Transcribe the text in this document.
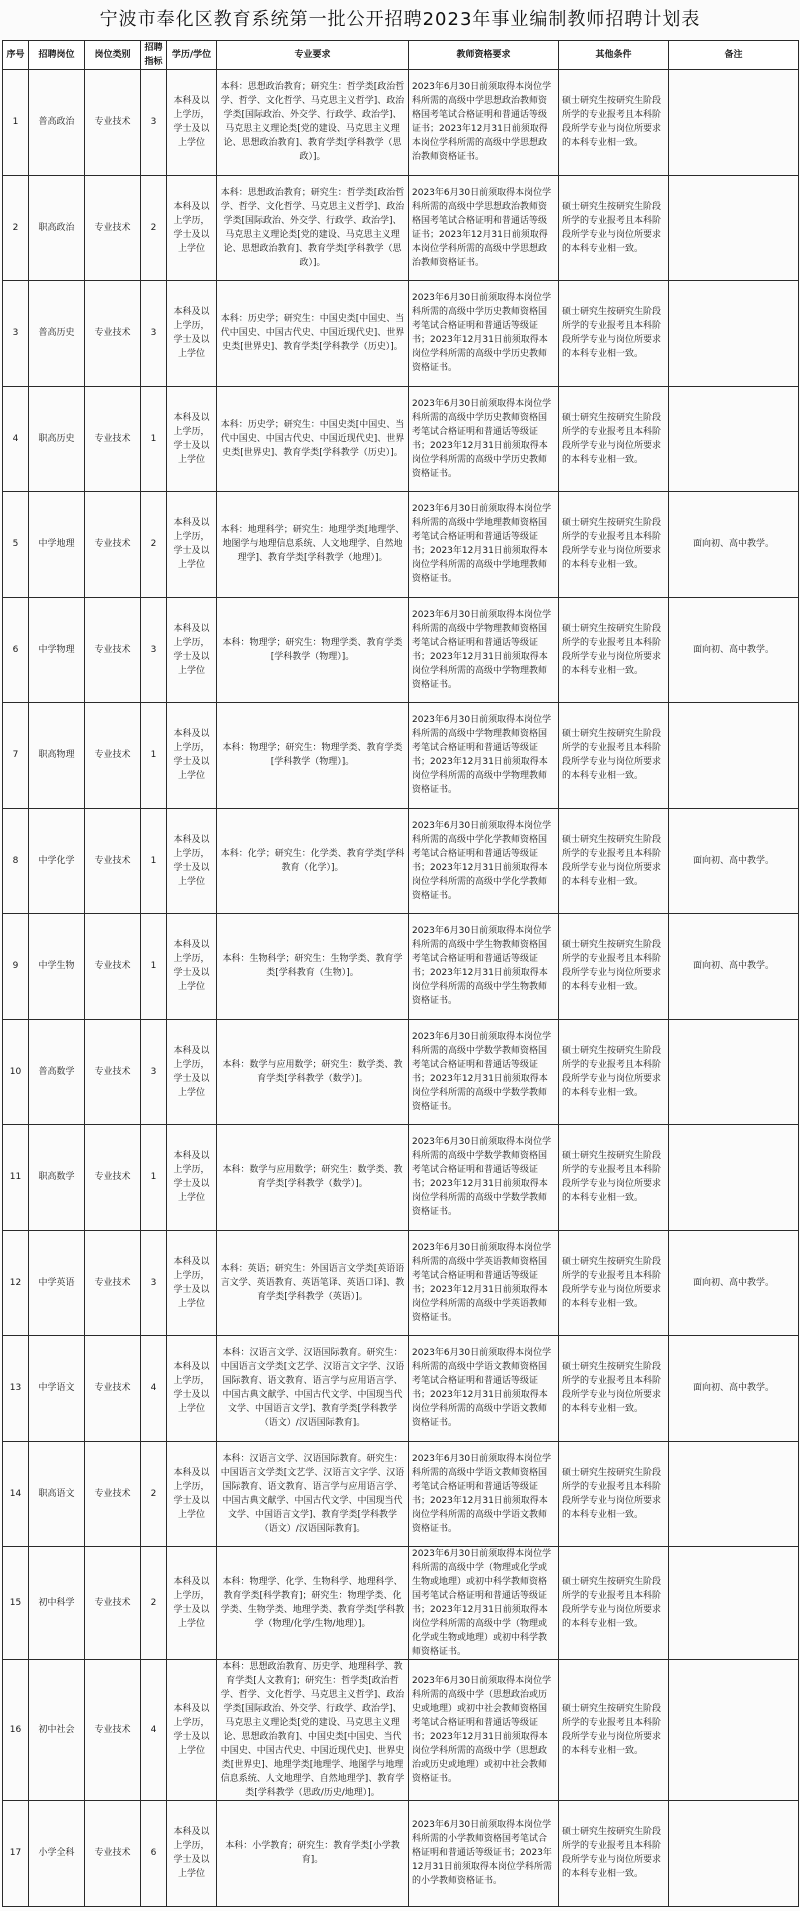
宁波市奉化区教育系统第一批公开招聘2023年事业编制教师招聘计划表
序号	招聘岗位	岗位类别	招聘指标	学历/学位	专业要求	教师资格要求	其他条件	备注
1	普高政治	专业技术	3	本科及以上学历，学士及以上学位	本科：思想政治教育；研究生：哲学类[政治哲学、哲学、文化哲学、马克思主义哲学]、政治学类[国际政治、外交学、行政学、政治学]、马克思主义理论类[党的建设、马克思主义理论、思想政治教育]、教育学类[学科教学（思政）]。	2023年6月30日前须取得本岗位学科所需的高级中学思想政治教师资格国考笔试合格证明和普通话等级证书；2023年12月31日前须取得本岗位学科所需的高级中学思想政治教师资格证书。	硕士研究生按研究生阶段所学的专业报考且本科阶段所学专业与岗位所要求的本科专业相一致。	
2	职高政治	专业技术	2	本科及以上学历，学士及以上学位	本科：思想政治教育；研究生：哲学类[政治哲学、哲学、文化哲学、马克思主义哲学]、政治学类[国际政治、外交学、行政学、政治学]、马克思主义理论类[党的建设、马克思主义理论、思想政治教育]、教育学类[学科教学（思政）]。	2023年6月30日前须取得本岗位学科所需的高级中学思想政治教师资格国考笔试合格证明和普通话等级证书；2023年12月31日前须取得本岗位学科所需的高级中学思想政治教师资格证书。	硕士研究生按研究生阶段所学的专业报考且本科阶段所学专业与岗位所要求的本科专业相一致。	
3	普高历史	专业技术	3	本科及以上学历，学士及以上学位	本科：历史学；研究生：中国史类[中国史、当代中国史、中国古代史、中国近现代史]、世界史类[世界史]、教育学类[学科教学（历史）]。	2023年6月30日前须取得本岗位学科所需的高级中学历史教师资格国考笔试合格证明和普通话等级证书；2023年12月31日前须取得本岗位学科所需的高级中学历史教师资格证书。	硕士研究生按研究生阶段所学的专业报考且本科阶段所学专业与岗位所要求的本科专业相一致。	
4	职高历史	专业技术	1	本科及以上学历，学士及以上学位	本科：历史学；研究生：中国史类[中国史、当代中国史、中国古代史、中国近现代史]、世界史类[世界史]、教育学类[学科教学（历史）]。	2023年6月30日前须取得本岗位学科所需的高级中学历史教师资格国考笔试合格证明和普通话等级证书；2023年12月31日前须取得本岗位学科所需的高级中学历史教师资格证书。	硕士研究生按研究生阶段所学的专业报考且本科阶段所学专业与岗位所要求的本科专业相一致。	
5	中学地理	专业技术	2	本科及以上学历，学士及以上学位	本科：地理科学；研究生：地理学类[地理学、地图学与地理信息系统、人文地理学、自然地理学]、教育学类[学科教学（地理）]。	2023年6月30日前须取得本岗位学科所需的高级中学地理教师资格国考笔试合格证明和普通话等级证书；2023年12月31日前须取得本岗位学科所需的高级中学地理教师资格证书。	硕士研究生按研究生阶段所学的专业报考且本科阶段所学专业与岗位所要求的本科专业相一致。	面向初、高中教学。
6	中学物理	专业技术	3	本科及以上学历，学士及以上学位	本科：物理学；研究生：物理学类、教育学类[学科教学（物理）]。	2023年6月30日前须取得本岗位学科所需的高级中学物理教师资格国考笔试合格证明和普通话等级证书；2023年12月31日前须取得本岗位学科所需的高级中学物理教师资格证书。	硕士研究生按研究生阶段所学的专业报考且本科阶段所学专业与岗位所要求的本科专业相一致。	面向初、高中教学。
7	职高物理	专业技术	1	本科及以上学历，学士及以上学位	本科：物理学；研究生：物理学类、教育学类[学科教学（物理）]。	2023年6月30日前须取得本岗位学科所需的高级中学物理教师资格国考笔试合格证明和普通话等级证书；2023年12月31日前须取得本岗位学科所需的高级中学物理教师资格证书。	硕士研究生按研究生阶段所学的专业报考且本科阶段所学专业与岗位所要求的本科专业相一致。	
8	中学化学	专业技术	1	本科及以上学历，学士及以上学位	本科：化学；研究生：化学类、教育学类[学科教育（化学）]。	2023年6月30日前须取得本岗位学科所需的高级中学化学教师资格国考笔试合格证明和普通话等级证书；2023年12月31日前须取得本岗位学科所需的高级中学化学教师资格证书。	硕士研究生按研究生阶段所学的专业报考且本科阶段所学专业与岗位所要求的本科专业相一致。	面向初、高中教学。
9	中学生物	专业技术	1	本科及以上学历，学士及以上学位	本科：生物科学；研究生：生物学类、教育学类[学科教育（生物）]。	2023年6月30日前须取得本岗位学科所需的高级中学生物教师资格国考笔试合格证明和普通话等级证书；2023年12月31日前须取得本岗位学科所需的高级中学生物教师资格证书。	硕士研究生按研究生阶段所学的专业报考且本科阶段所学专业与岗位所要求的本科专业相一致。	面向初、高中教学。
10	普高数学	专业技术	3	本科及以上学历，学士及以上学位	本科：数学与应用数学；研究生：数学类、教育学类[学科教学（数学）]。	2023年6月30日前须取得本岗位学科所需的高级中学数学教师资格国考笔试合格证明和普通话等级证书；2023年12月31日前须取得本岗位学科所需的高级中学数学教师资格证书。	硕士研究生按研究生阶段所学的专业报考且本科阶段所学专业与岗位所要求的本科专业相一致。	
11	职高数学	专业技术	1	本科及以上学历，学士及以上学位	本科：数学与应用数学；研究生：数学类、教育学类[学科教学（数学）]。	2023年6月30日前须取得本岗位学科所需的高级中学数学教师资格国考笔试合格证明和普通话等级证书；2023年12月31日前须取得本岗位学科所需的高级中学数学教师资格证书。	硕士研究生按研究生阶段所学的专业报考且本科阶段所学专业与岗位所要求的本科专业相一致。	
12	中学英语	专业技术	3	本科及以上学历，学士及以上学位	本科：英语；研究生：外国语言文学类[英语语言文学、英语教育、英语笔译、英语口译]、教育学类[学科教学（英语）]。	2023年6月30日前须取得本岗位学科所需的高级中学英语教师资格国考笔试合格证明和普通话等级证书；2023年12月31日前须取得本岗位学科所需的高级中学英语教师资格证书。	硕士研究生按研究生阶段所学的专业报考且本科阶段所学专业与岗位所要求的本科专业相一致。	面向初、高中教学。
13	中学语文	专业技术	4	本科及以上学历，学士及以上学位	本科：汉语言文学、汉语国际教育。研究生：中国语言文学类[文艺学、汉语言文字学、汉语国际教育、语文教育、语言学与应用语言学、中国古典文献学、中国古代文学、中国现当代文学、中国语言文学]、教育学类[学科教学（语文）/汉语国际教育]。	2023年6月30日前须取得本岗位学科所需的高级中学语文教师资格国考笔试合格证明和普通话等级证书；2023年12月31日前须取得本岗位学科所需的高级中学语文教师资格证书。	硕士研究生按研究生阶段所学的专业报考且本科阶段所学专业与岗位所要求的本科专业相一致。	面向初、高中教学。
14	职高语文	专业技术	2	本科及以上学历，学士及以上学位	本科：汉语言文学、汉语国际教育。研究生：中国语言文学类[文艺学、汉语言文字学、汉语国际教育、语文教育、语言学与应用语言学、中国古典文献学、中国古代文学、中国现当代文学、中国语言文学]、教育学类[学科教学（语文）/汉语国际教育]。	2023年6月30日前须取得本岗位学科所需的高级中学语文教师资格国考笔试合格证明和普通话等级证书；2023年12月31日前须取得本岗位学科所需的高级中学语文教师资格证书。	硕士研究生按研究生阶段所学的专业报考且本科阶段所学专业与岗位所要求的本科专业相一致。	
15	初中科学	专业技术	2	本科及以上学历，学士及以上学位	本科：物理学、化学、生物科学、地理科学、教育学类[科学教育]；研究生：物理学类、化学类、生物学类、地理学类、教育学类[学科教学（物理/化学/生物/地理）]。	2023年6月30日前须取得本岗位学科所需的高级中学（物理或化学或生物或地理）或初中科学教师资格国考笔试合格证明和普通话等级证书；2023年12月31日前须取得本岗位学科所需的高级中学（物理或化学或生物或地理）或初中科学教师资格证书。	硕士研究生按研究生阶段所学的专业报考且本科阶段所学专业与岗位所要求的本科专业相一致。	
16	初中社会	专业技术	4	本科及以上学历，学士及以上学位	本科：思想政治教育、历史学、地理科学、教育学类[人文教育]；研究生：哲学类[政治哲学、哲学、文化哲学、马克思主义哲学]、政治学类[国际政治、外交学、行政学、政治学]、马克思主义理论类[党的建设、马克思主义理论、思想政治教育]、中国史类[中国史、当代中国史、中国古代史、中国近现代史]、世界史类[世界史]、地理学类[地理学、地图学与地理信息系统、人文地理学、自然地理学]、教育学类[学科教学（思政/历史/地理）]。	2023年6月30日前须取得本岗位学科所需的高级中学（思想政治或历史或地理）或初中社会教师资格国考笔试合格证明和普通话等级证书；2023年12月31日前须取得本岗位学科所需的高级中学（思想政治或历史或地理）或初中社会教师资格证书。	硕士研究生按研究生阶段所学的专业报考且本科阶段所学专业与岗位所要求的本科专业相一致。	
17	小学全科	专业技术	6	本科及以上学历，学士及以上学位	本科：小学教育；研究生：教育学类[小学教育]。	2023年6月30日前须取得本岗位学科所需的小学教师资格国考笔试合格证明和普通话等级证书；2023年12月31日前须取得本岗位学科所需的小学教师资格证书。	硕士研究生按研究生阶段所学的专业报考且本科阶段所学专业与岗位所要求的本科专业相一致。	
